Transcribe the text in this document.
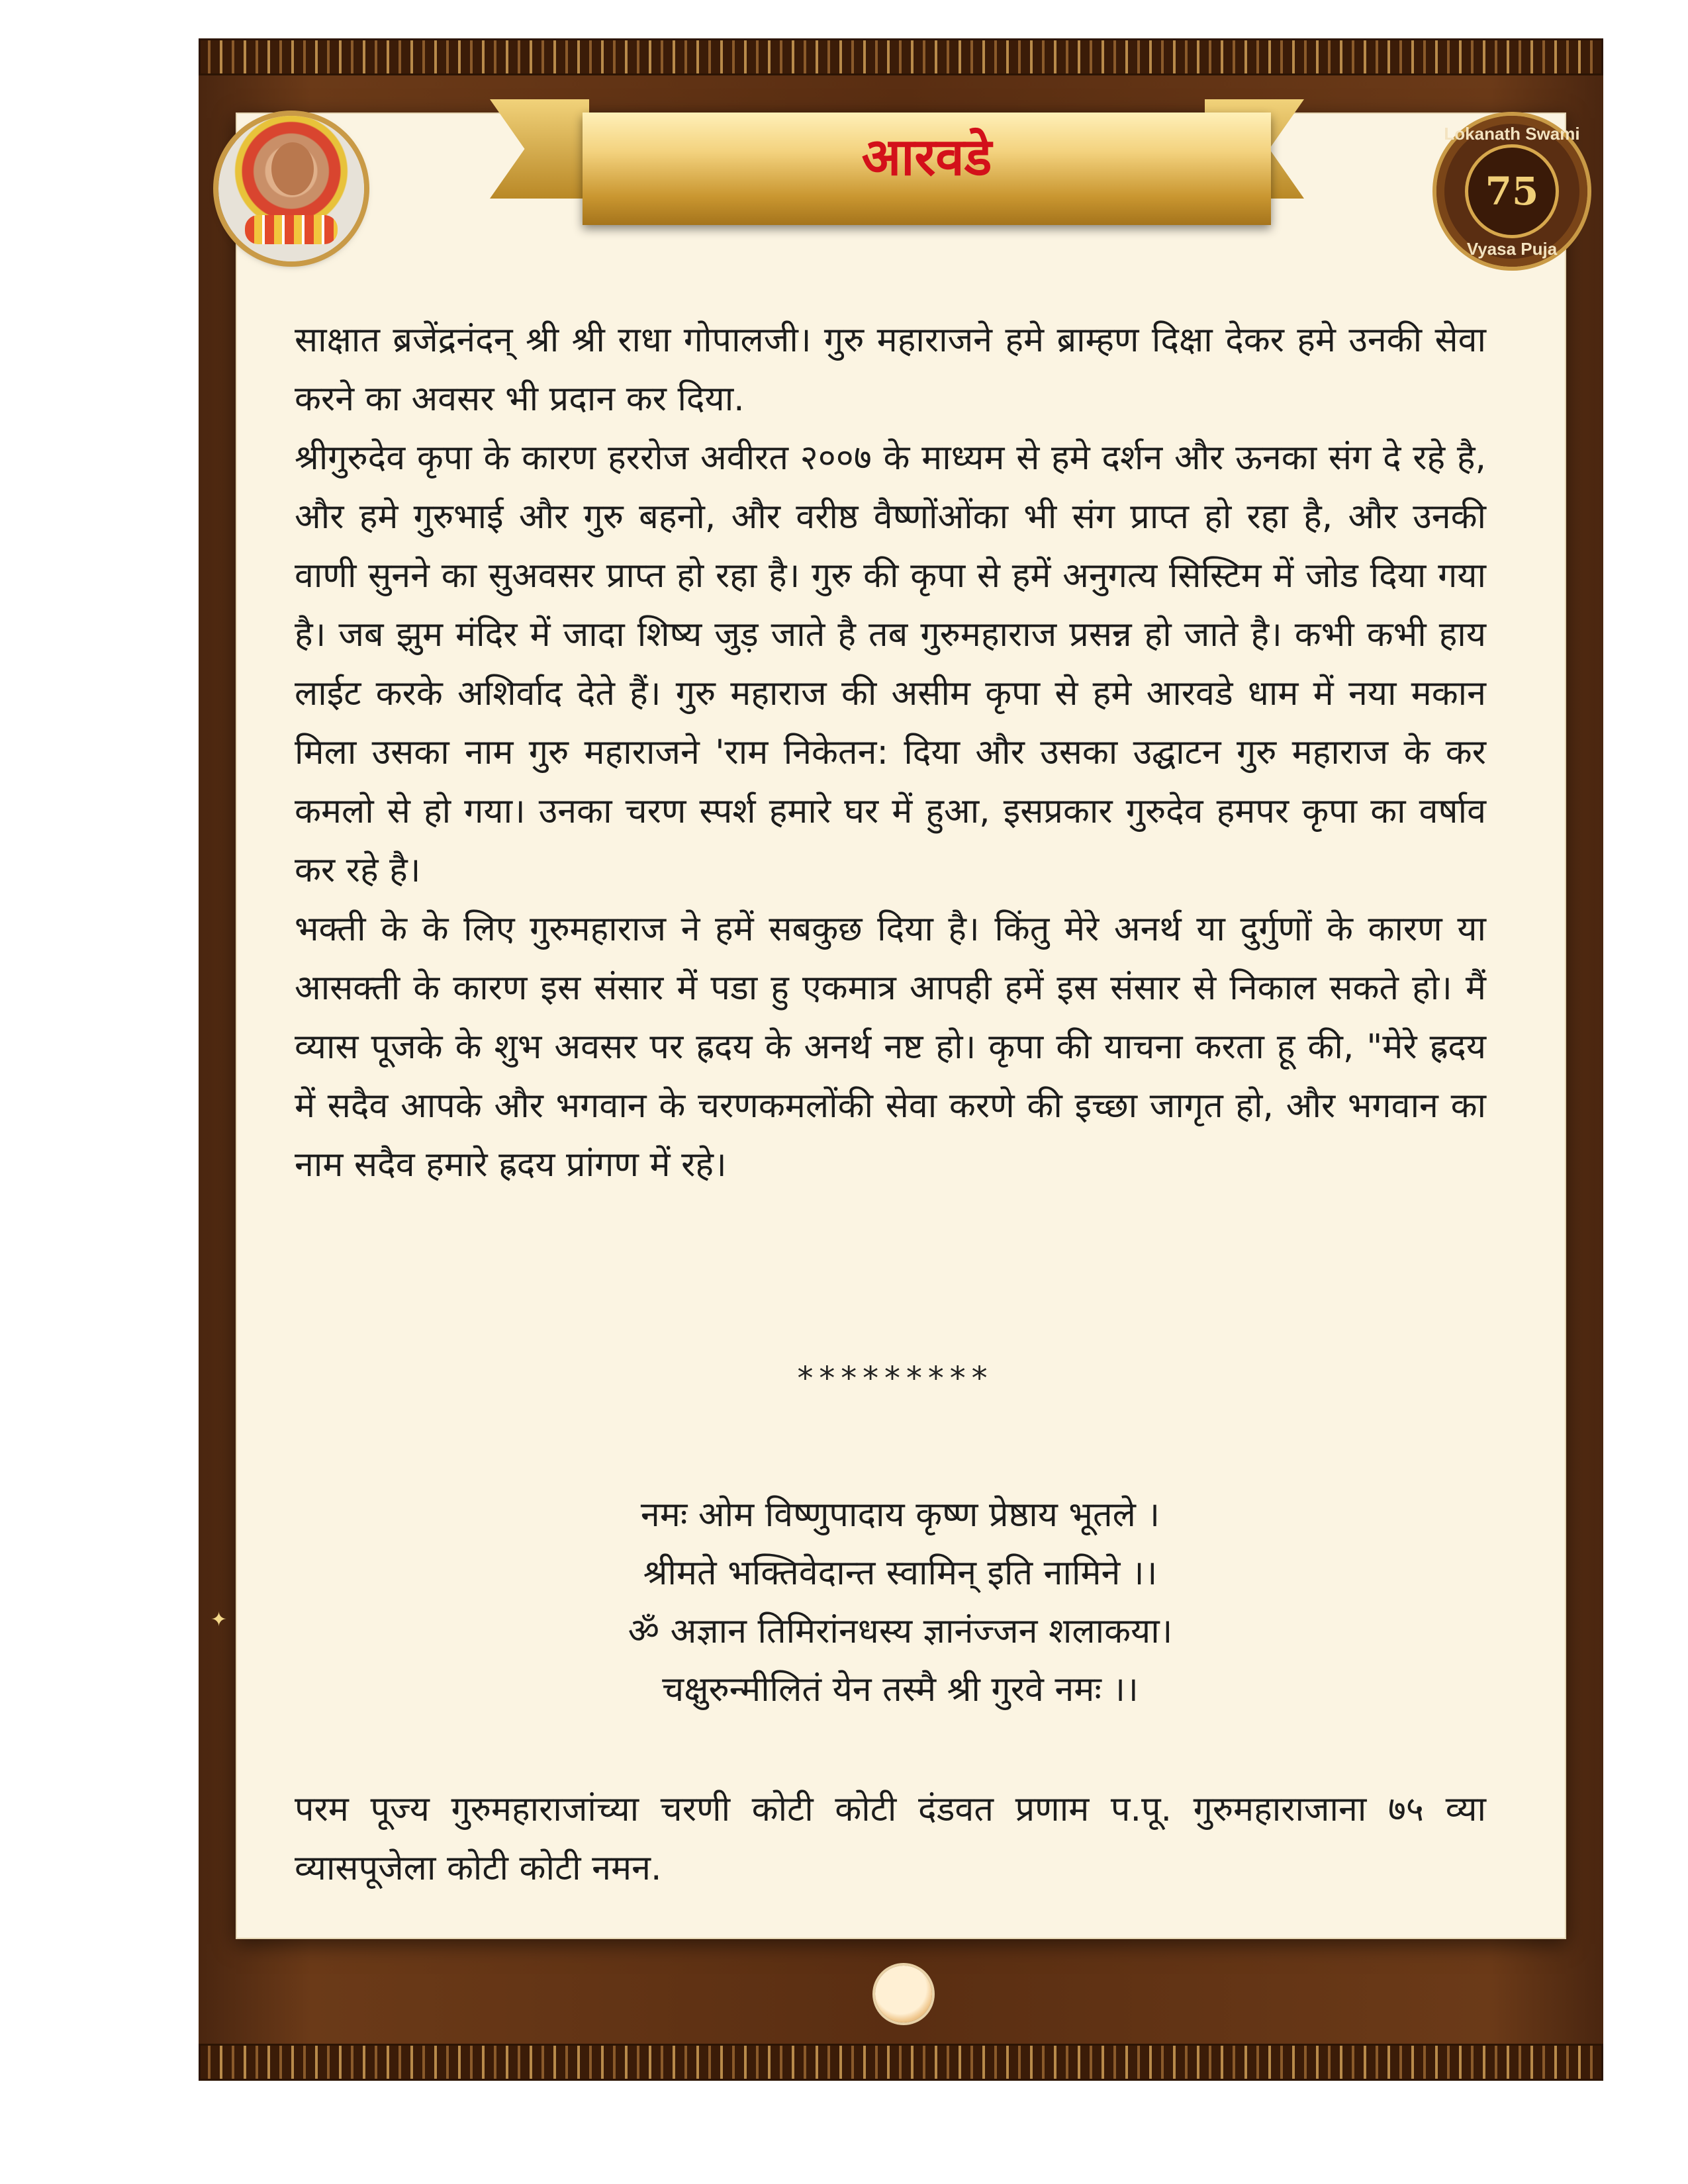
आरवडे	Lokanath Swami
75
Vyasa Puja

साक्षात ब्रजेंद्रनंदन् श्री श्री राधा गोपालजी। गुरु महाराजने हमे ब्राम्हण दिक्षा देकर हमे उनकी सेवा करने का अवसर भी प्रदान कर दिया.

श्रीगुरुदेव कृपा के कारण हररोज अवीरत २००७ के माध्यम से हमे दर्शन और ऊनका संग दे रहे है, और हमे गुरुभाई और गुरु बहनो, और वरीष्ठ वैष्णोंओंका भी संग प्राप्त हो रहा है, और उनकी वाणी सुनने का सुअवसर प्राप्त हो रहा है। गुरु की कृपा से हमें अनुगत्य सिस्टिम में जोड दिया गया है। जब झुम मंदिर में जादा शिष्य जुड़ जाते है तब गुरुमहाराज प्रसन्न हो जाते है। कभी कभी हाय लाईट करके अशिर्वाद देते हैं। गुरु महाराज की असीम कृपा से हमे आरवडे धाम में नया मकान मिला उसका नाम गुरु महाराजने 'राम निकेतन: दिया और उसका उद्घाटन गुरु महाराज के कर कमलो से हो गया। उनका चरण स्पर्श हमारे घर में हुआ, इसप्रकार गुरुदेव हमपर कृपा का वर्षाव कर रहे है।

भक्ती के के लिए गुरुमहाराज ने हमें सबकुछ दिया है। किंतु मेरे अनर्थ या दुर्गुणों के कारण या आसक्ती के कारण इस संसार में पडा हु एकमात्र आपही हमें इस संसार से निकाल सकते हो। मैं व्यास पूजके के शुभ अवसर पर ह्रदय के अनर्थ नष्ट हो। कृपा की याचना करता हू की, "मेरे ह्रदय में सदैव आपके और भगवान के चरणकमलोंकी सेवा करणे की इच्छा जागृत हो, और भगवान का नाम सदैव हमारे ह्रदय प्रांगण में रहे।

*********
नमः ओम विष्णुपादाय कृष्ण प्रेष्ठाय भूतले ।
श्रीमते भक्तिवेदान्त स्वामिन् इति नामिने ।।
ॐ अज्ञान तिमिरांनधस्य ज्ञानंज्जन शलाकया।
चक्षुरुन्मीलितं येन तस्मै श्री गुरवे नमः ।।
परम पूज्य गुरुमहाराजांच्या चरणी कोटी कोटी दंडवत प्रणाम प.पू. गुरुमहाराजाना ७५ व्या व्यासपूजेला कोटी कोटी नमन.
✦
